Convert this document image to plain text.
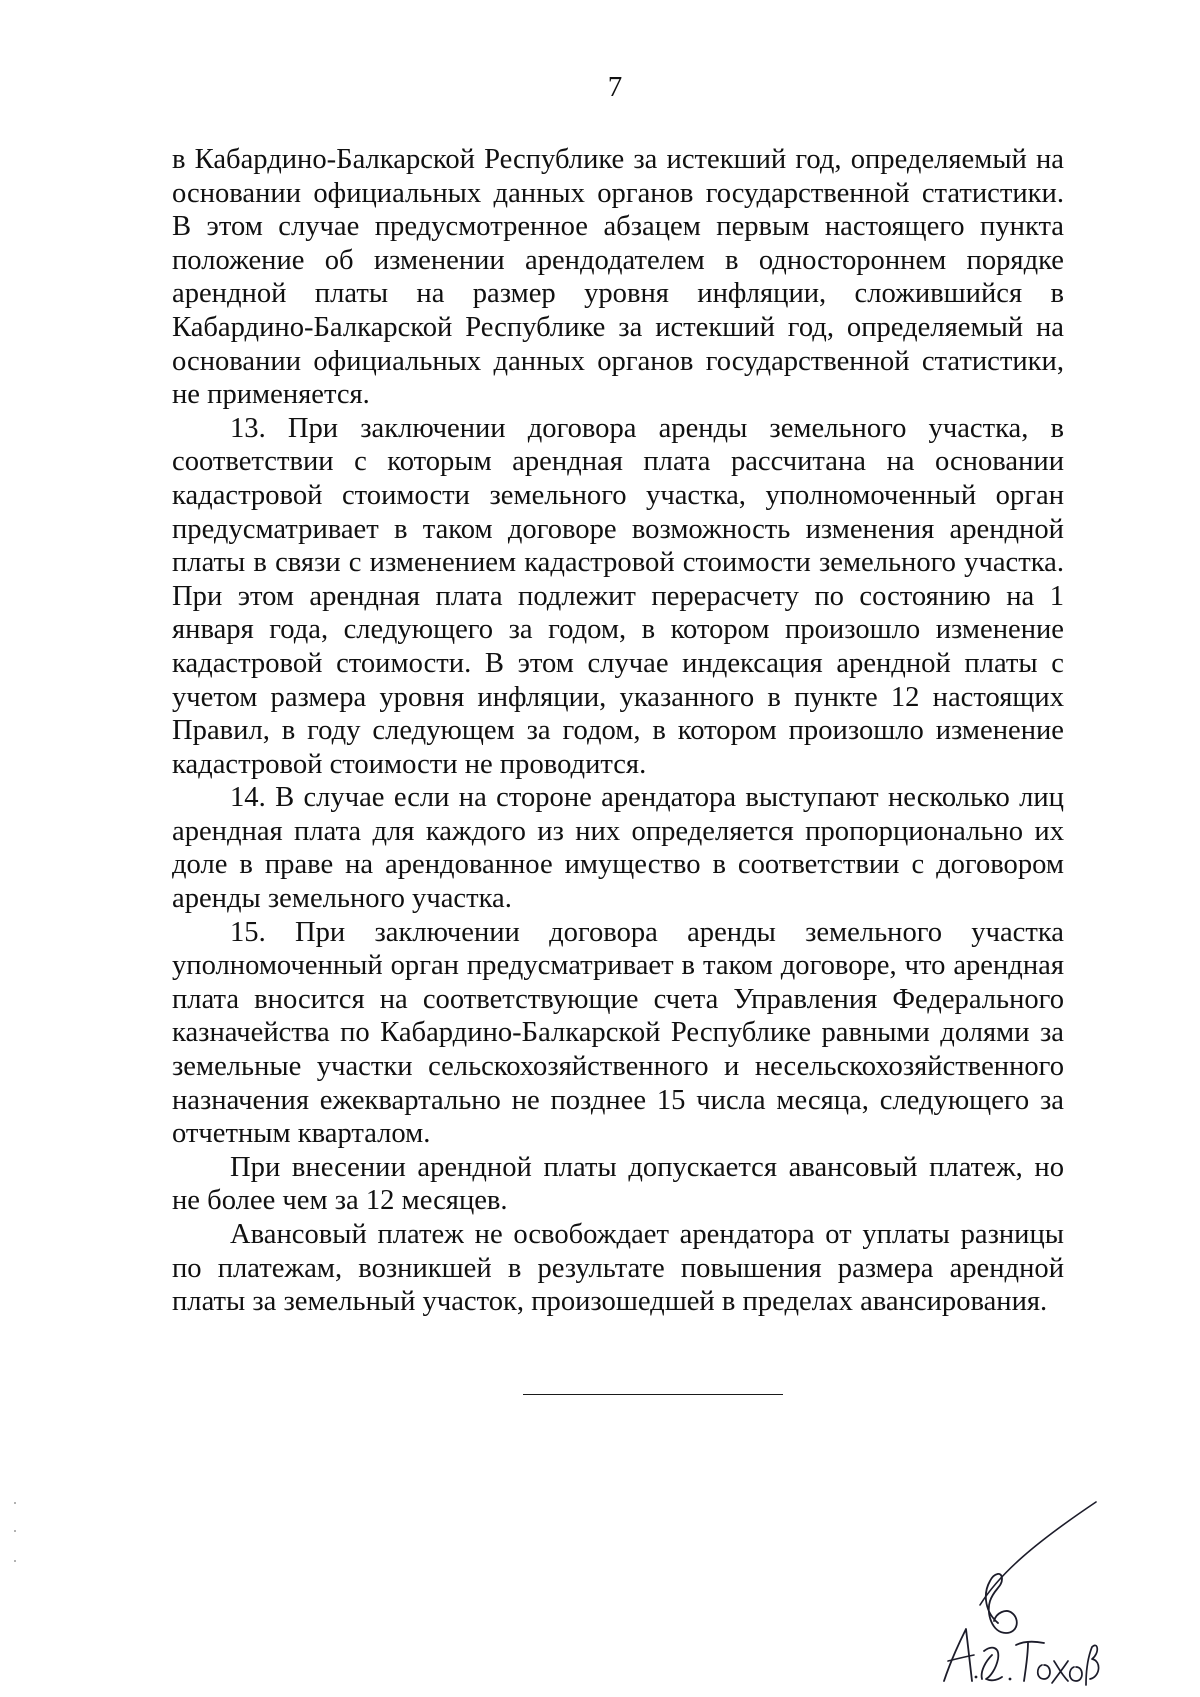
7

в Кабардино-Балкарской Республике за истекший год, определяемый на основании официальных данных органов государственной статистики. В этом случае предусмотренное абзацем первым настоящего пункта положение об изменении арендодателем в одностороннем порядке арендной платы на размер уровня инфляции, сложившийся в Кабардино-Балкарской Республике за истекший год, определяемый на основании официальных данных органов государственной статистики, не применяется.

13. При заключении договора аренды земельного участка, в соответствии с которым арендная плата рассчитана на основании кадастровой стоимости земельного участка, уполномоченный орган предусматривает в таком договоре возможность изменения арендной платы в связи с изменением кадастровой стоимости земельного участка. При этом арендная плата подлежит перерасчету по состоянию на 1 января года, следующего за годом, в котором произошло изменение кадастровой стоимости. В этом случае индексация арендной платы с учетом размера уровня инфляции, указанного в пункте 12 настоящих Правил, в году следующем за годом, в котором произошло изменение кадастровой стоимости не проводится.

14. В случае если на стороне арендатора выступают несколько лиц арендная плата для каждого из них определяется пропорционально их доле в праве на арендованное имущество в соответствии с договором аренды земельного участка.

15. При заключении договора аренды земельного участка уполномоченный орган предусматривает в таком договоре, что арендная плата вносится на соответствующие счета Управления Федерального казначейства по Кабардино-Балкарской Республике равными долями за земельные участки сельскохозяйственного и несельскохозяйственного назначения ежеквартально не позднее 15 числа месяца, следующего за отчетным кварталом.

При внесении арендной платы допускается авансовый платеж, но не более чем за 12 месяцев.

Авансовый платеж не освобождает арендатора от уплаты разницы по платежам, возникшей в результате повышения размера арендной платы за земельный участок, произошедшей в пределах авансирования.
